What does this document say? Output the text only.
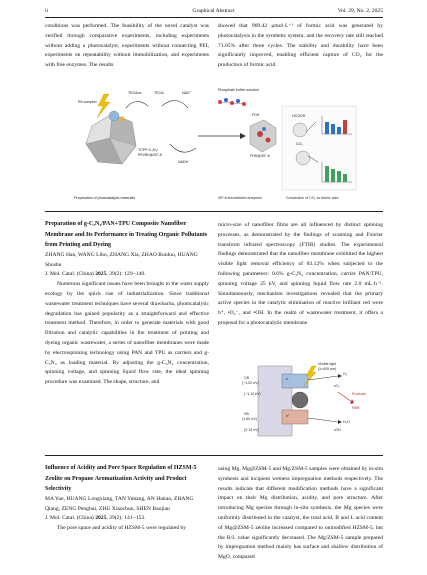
ii	Graphical Abstract	Vol. 39, No. 2, 2025
conditions was performed. The feasibility of the novel catalyst was verified through comparative experiments, including experiments without adding a photocatalyst, experiments without connecting PEI, experiments on repeatability without immobilization, and experiments with free enzymes. The results
showed that 969.42 μmol·L⁻¹ of formic acid was generated by photocatalysis in the synthetic system, and the recovery rate still reached 71.05% after three cycles. The stability and durability have been significantly improved, enabling efficient capture of CO₂ for the production of formic acid.
Rh complex
TEOAox	TEOA	NAD⁺
Phosphate buffer solution
NADH
TCPP-C₃N₄/
PEI/Rh@ZIF-8
FDH
FDH@ZIF-8
HCOOH
CO₂
Preparation of photocatalytic materials	ZIF-8 immobilized enzymes	Conversion of CO₂ to formic acid

Preparation of g-C₃N₄/PAN+TPU Composite Nanofiber Membrane and Its Performance in Treating Organic Pollutants from Printing and Dyeing

ZHANG Han, WANG Libo, ZHANG Xia, ZHAO Ruiduo, HUANG Shushu

J. Mol. Catal. (China) 2025, 39(2): 129−140.

Numerous significant issues have been brought to the water supply ecology by the quick rise of industrialization. Since traditional wastewater treatment techniques have several drawbacks, photocatalytic degradation has gained popularity as a straightforward and effective treatment method. Therefore, in order to generate materials with good filtration and catalytic capabilities in the treatment of printing and dyeing organic wastewater, a series of nanofiber membranes were made by electrospinning technology using PAN and TPU as carriers and g-C₃N₄ as loading material. By adjusting the g-C₃N₄ concentration, spinning voltage, and spinning liquid flow rate, the ideal spinning procedure was examined. The shape, structure, and

micro-size of nanofiber films are all influenced by distinct spinning processes, as demonstrated by the findings of scanning and Fourier transform infrared spectroscopy (FTIR) studies. The experimental findings demonstrated that the nanofiber membrane exhibited the highest visible light removal efficiency of 83.12% when subjected to the following parameters: 0.6% g-C₃N₄ concentration, carrier PAN/TPU, spinning voltage 25 kV, and spinning liquid flow rate 2.0 mL·h⁻¹. Simultaneously, mechanism investigations revealed that the primary active species in the catalytic elimination of reactive brilliant red were h⁺, •O₂⁻, and •OH. In the realm of wastewater treatment, it offers a proposal for a photocatalytic membrane.
Visible light
(λ>420 nm)
CB
(−1.02 eV)
VB
(1.60 eV)
(−1.11 eV)
(2.13 eV)
e⁻
h⁺
O₂
•O₂⁻
Products
RBR
H₂O
•OH

Influence of Acidity and Pore Space Regulation of HZSM-5 Zeolite on Propane Aromatization Activity and Product Selectivity

MA Yue, HUANG Longxiang, TAN Yuhang, AN Haitao, ZHANG Qiang, ZENG Penghui, ZHU Xiaochun, SHEN Baojian

J. Mol. Catal. (China) 2025, 39(2): 141−153.

The pore space and acidity of HZSM-5 were regulated by

using Mg, Mg@ZSM-5 and Mg/ZSM-5 samples were obtained by in-situ synthesis and incipient wetness impregnation methods respectively. The results indicate that different modification methods have a significant impact on their Mg distribution, acidity, and pore structure. After introducing Mg species through in-situ synthesis, the Mg species were uniformly distributed in the catalyst, the total acid, B and L acid content of Mg@ZSM-5 zeolite increased compared to unmodified HZSM-5, but the B/L value significantly decreased. The Mg/ZSM-5 sample prepared by impregnation method mainly has surface and shallow distribution of MgO, compared
